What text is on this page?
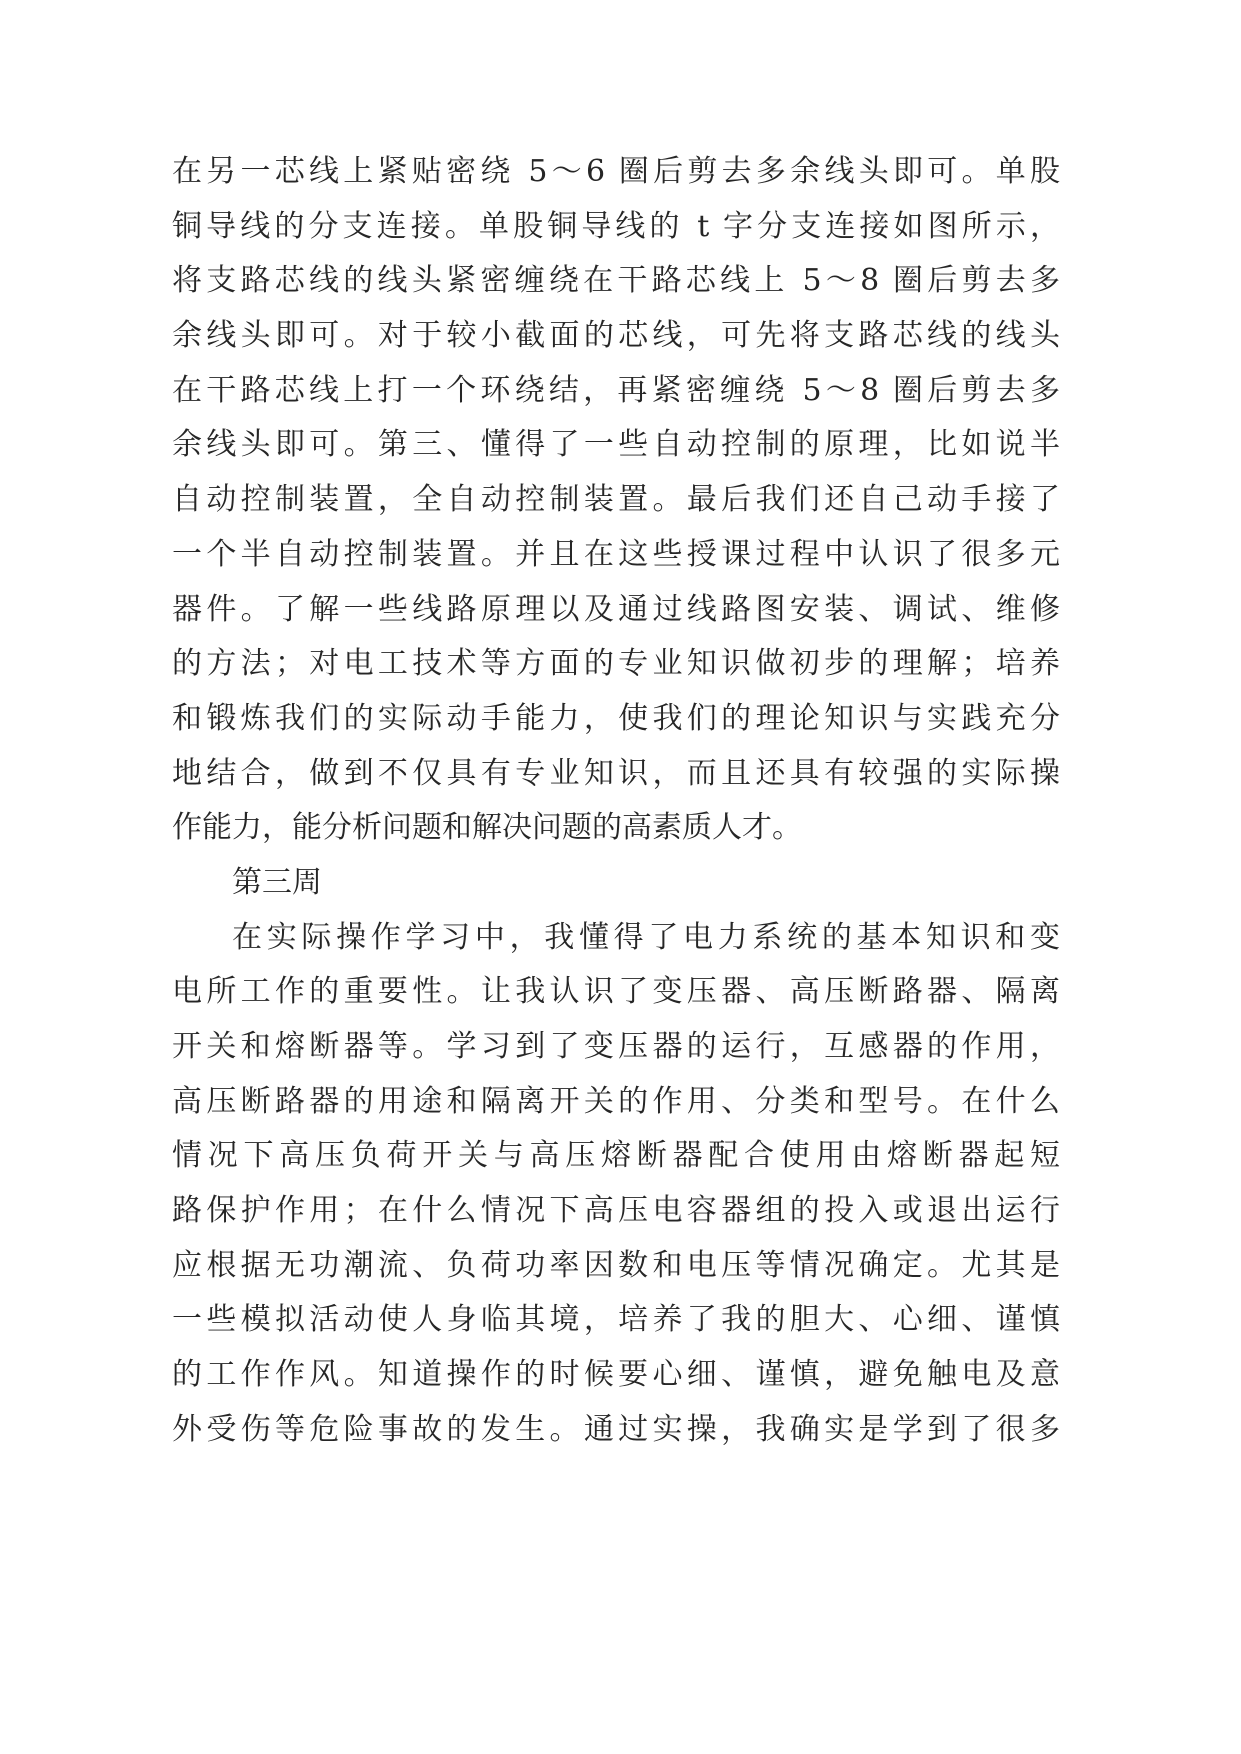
在另一芯线上紧贴密绕 5～6 圈后剪去多余线头即可。单股
铜导线的分支连接。单股铜导线的 t 字分支连接如图所示，
将支路芯线的线头紧密缠绕在干路芯线上 5～8 圈后剪去多
余线头即可。对于较小截面的芯线，可先将支路芯线的线头
在干路芯线上打一个环绕结，再紧密缠绕 5～8 圈后剪去多
余线头即可。第三、懂得了一些自动控制的原理，比如说半
自动控制装置，全自动控制装置。最后我们还自己动手接了
一个半自动控制装置。并且在这些授课过程中认识了很多元
器件。了解一些线路原理以及通过线路图安装、调试、维修
的方法；对电工技术等方面的专业知识做初步的理解；培养
和锻炼我们的实际动手能力，使我们的理论知识与实践充分
地结合，做到不仅具有专业知识，而且还具有较强的实际操
作能力，能分析问题和解决问题的高素质人才。
第三周
在实际操作学习中，我懂得了电力系统的基本知识和变
电所工作的重要性。让我认识了变压器、高压断路器、隔离
开关和熔断器等。学习到了变压器的运行，互感器的作用，
高压断路器的用途和隔离开关的作用、分类和型号。在什么
情况下高压负荷开关与高压熔断器配合使用由熔断器起短
路保护作用；在什么情况下高压电容器组的投入或退出运行
应根据无功潮流、负荷功率因数和电压等情况确定。尤其是
一些模拟活动使人身临其境，培养了我的胆大、心细、谨慎
的工作作风。知道操作的时候要心细、谨慎，避免触电及意
外受伤等危险事故的发生。通过实操，我确实是学到了很多
